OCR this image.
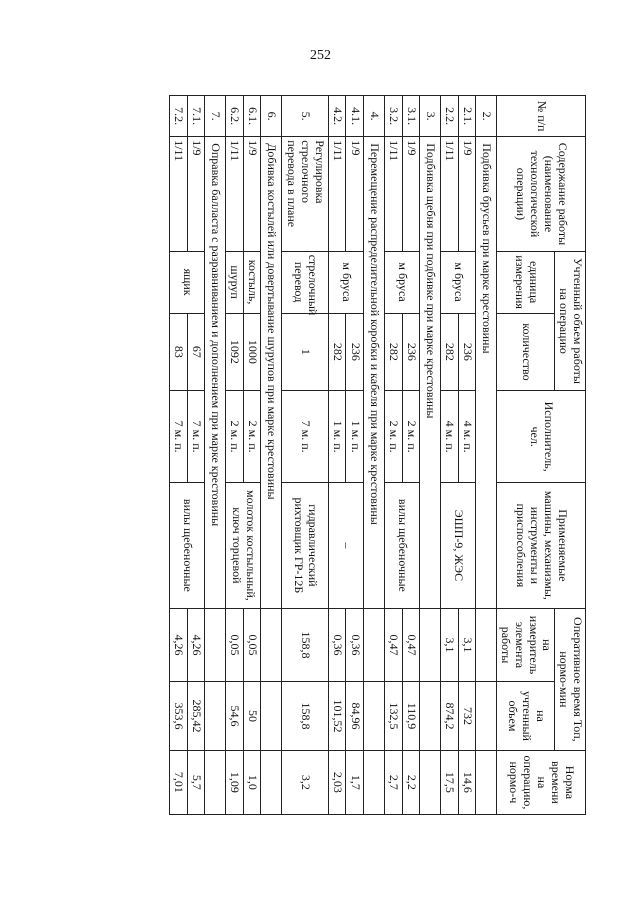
252
№ п/п	Содержание работы (наименование технологической операции)	Учтенный объем работы на операцию		Исполнитель, чел.	Применяемые машины, механизмы, инструменты и приспособления	Оперативное время Топ, нормо-мин		Норма времени на операцию, нормо-ч
		единица измерения	количество			на измеритель элемента работы	на учтенный объем	
2.	Подбивка брусьев при марке крестовины							
2.1.	1/9	м бруса	236	4 м. п.	ЭШП-9, ЖЭС	3,1	732	14,6
2.2.	1/11		282	4 м. п.		3,1	874,2	17,5
3.	Подбивка щебня при подбивке при марке крестовины							
3.1.	1/9	м бруса	236	2 м. п.	вилы щебеночные	0,47	110,9	2,2
3.2.	1/11		282	2 м. п.		0,47	132,5	2,7
4.	Перемещение распределительной коробки и кабеля при марке крестовины							
4.1.	1/9	м бруса	236	1 м. п.	–	0,36	84,96	1,7
4.2.	1/11		282	1 м. п.		0,36	101,52	2,03
5.	Регулировка стрелочного перевода в плане	стрелочный перевод	1	7 м. п.	гидравлический рихтовщик ГР-12Б	158,8	158,8	3,2
6.	Добивка костылей или довертывание шурупов при марке крестовины							
6.1.	1/9	костыль,	1000	2 м. п.	молоток костыльный, ключ торцевой	0,05	50	1,0
6.2.	1/11	шуруп	1092	2 м. п.		0,05	54,6	1,09
7.	Оправка балласта с разравниванием и дополнением при марке крестовины							
7.1.	1/9	ящик	67	7 м. п.	вилы щебеночные	4,26	285,42	5,7
7.2.	1/11		83	7 м. п.		4,26	353,6	7,01
